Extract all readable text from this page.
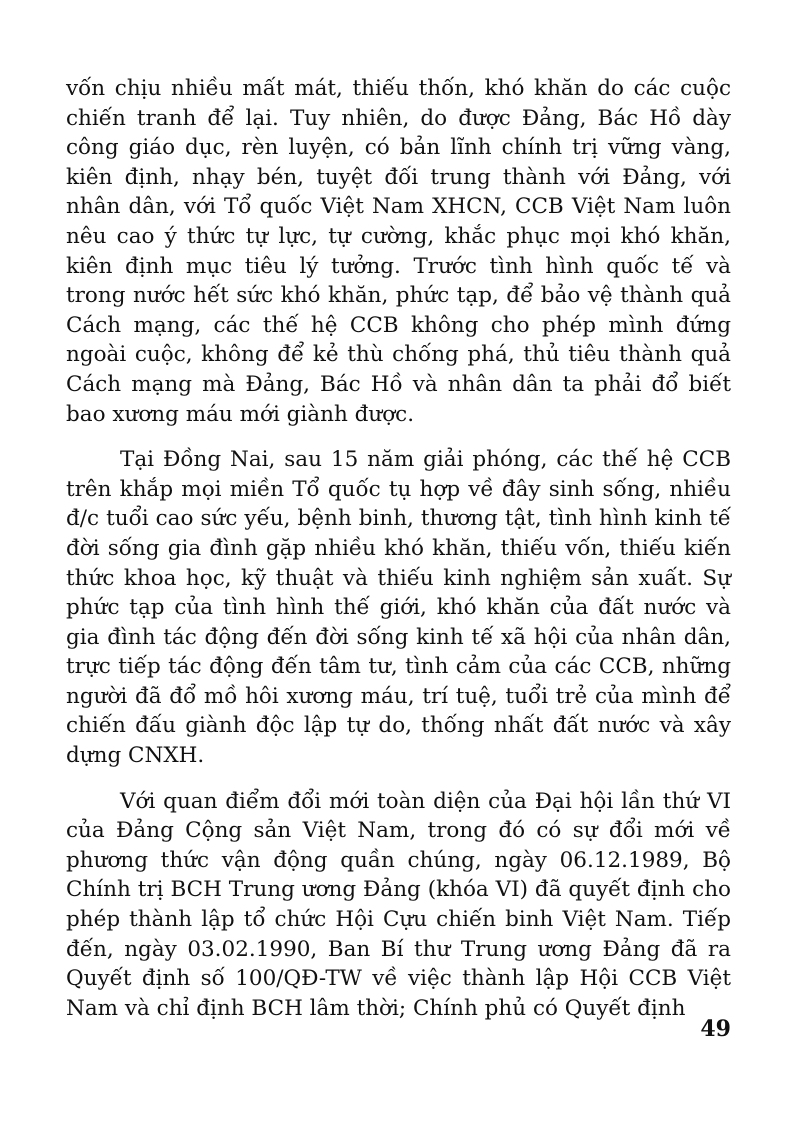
vốn chịu nhiều mất mát, thiếu thốn, khó khăn do các cuộc chiến tranh để lại. Tuy nhiên, do được Đảng, Bác Hồ dày công giáo dục, rèn luyện, có bản lĩnh chính trị vững vàng, kiên định, nhạy bén, tuyệt đối trung thành với Đảng, với nhân dân, với Tổ quốc Việt Nam XHCN, CCB Việt Nam luôn nêu cao ý thức tự lực, tự cường, khắc phục mọi khó khăn, kiên định mục tiêu lý tưởng. Trước tình hình quốc tế và trong nước hết sức khó khăn, phức tạp, để bảo vệ thành quả Cách mạng, các thế hệ CCB không cho phép mình đứng ngoài cuộc, không để kẻ thù chống phá, thủ tiêu thành quả Cách mạng mà Đảng, Bác Hồ và nhân dân ta phải đổ biết bao xương máu mới giành được.

Tại Đồng Nai, sau 15 năm giải phóng, các thế hệ CCB trên khắp mọi miền Tổ quốc tụ hợp về đây sinh sống, nhiều đ/c tuổi cao sức yếu, bệnh binh, thương tật, tình hình kinh tế đời sống gia đình gặp nhiều khó khăn, thiếu vốn, thiếu kiến thức khoa học, kỹ thuật và thiếu kinh nghiệm sản xuất. Sự phức tạp của tình hình thế giới, khó khăn của đất nước và gia đình tác động đến đời sống kinh tế xã hội của nhân dân, trực tiếp tác động đến tâm tư, tình cảm của các CCB, những người đã đổ mồ hôi xương máu, trí tuệ, tuổi trẻ của mình để chiến đấu giành độc lập tự do, thống nhất đất nước và xây dựng CNXH.

Với quan điểm đổi mới toàn diện của Đại hội lần thứ VI của Đảng Cộng sản Việt Nam, trong đó có sự đổi mới về phương thức vận động quần chúng, ngày 06.12.1989, Bộ Chính trị BCH Trung ương Đảng (khóa VI) đã quyết định cho phép thành lập tổ chức Hội Cựu chiến binh Việt Nam. Tiếp đến, ngày 03.02.1990, Ban Bí thư Trung ương Đảng đã ra Quyết định số 100/QĐ-TW về việc thành lập Hội CCB Việt Nam và chỉ định BCH lâm thời; Chính phủ có Quyết định

49
